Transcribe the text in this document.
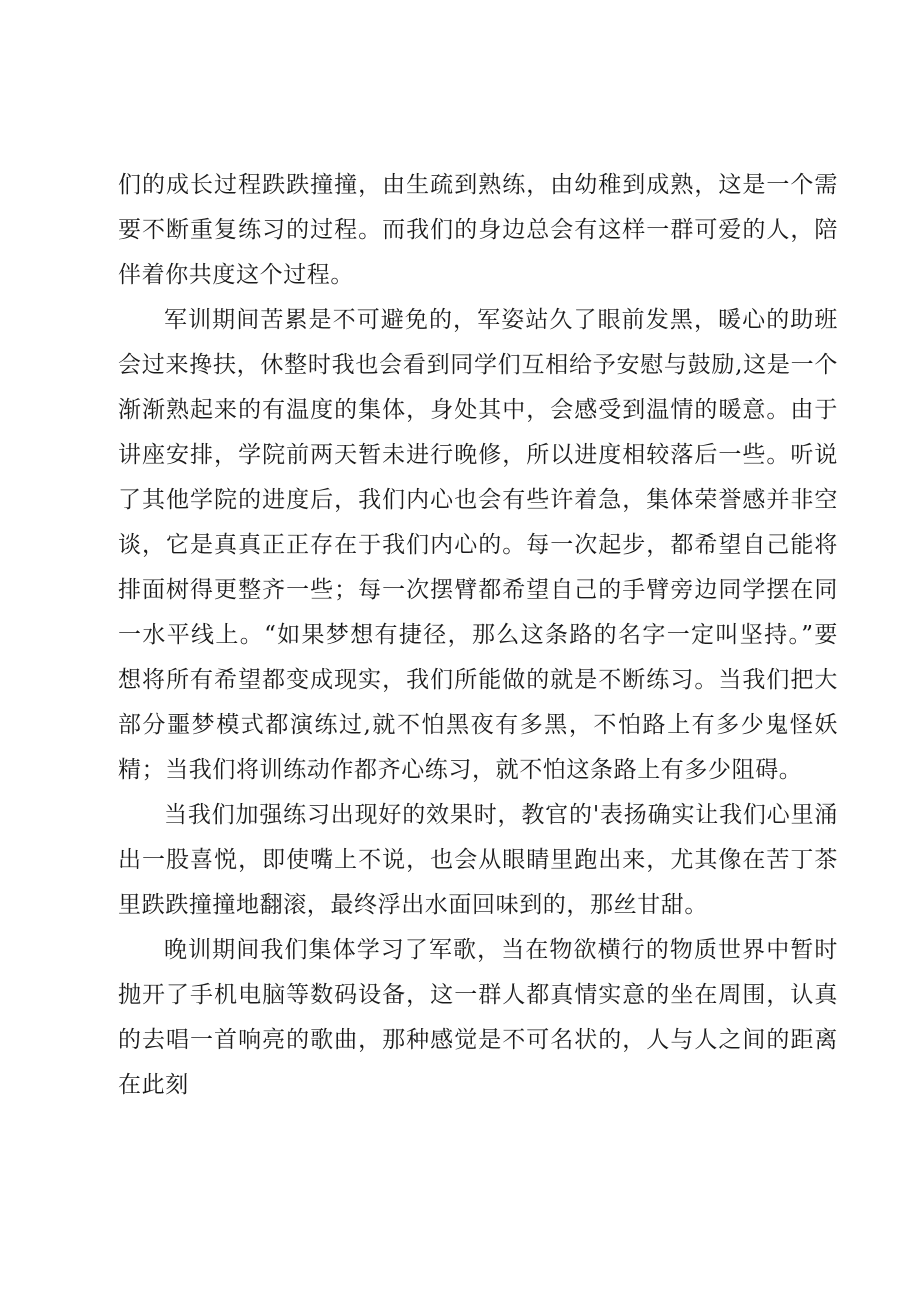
们的成长过程跌跌撞撞，由生疏到熟练，由幼稚到成熟，这是一个需要不断重复练习的过程。而我们的身边总会有这样一群可爱的人，陪伴着你共度这个过程。

军训期间苦累是不可避免的，军姿站久了眼前发黑，暖心的助班会过来搀扶，休整时我也会看到同学们互相给予安慰与鼓励,这是一个渐渐熟起来的有温度的集体，身处其中，会感受到温情的暖意。由于讲座安排，学院前两天暂未进行晚修，所以进度相较落后一些。听说了其他学院的进度后，我们内心也会有些许着急，集体荣誉感并非空谈，它是真真正正存在于我们内心的。每一次起步，都希望自己能将排面树得更整齐一些；每一次摆臂都希望自己的手臂旁边同学摆在同一水平线上。“如果梦想有捷径，那么这条路的名字一定叫坚持。”要想将所有希望都变成现实，我们所能做的就是不断练习。当我们把大部分噩梦模式都演练过,就不怕黑夜有多黑，不怕路上有多少鬼怪妖精；当我们将训练动作都齐心练习，就不怕这条路上有多少阻碍。

当我们加强练习出现好的效果时，教官的'表扬确实让我们心里涌出一股喜悦，即使嘴上不说，也会从眼睛里跑出来，尤其像在苦丁茶里跌跌撞撞地翻滚，最终浮出水面回味到的，那丝甘甜。

晚训期间我们集体学习了军歌，当在物欲横行的物质世界中暂时抛开了手机电脑等数码设备，这一群人都真情实意的坐在周围，认真的去唱一首响亮的歌曲，那种感觉是不可名状的，人与人之间的距离在此刻
